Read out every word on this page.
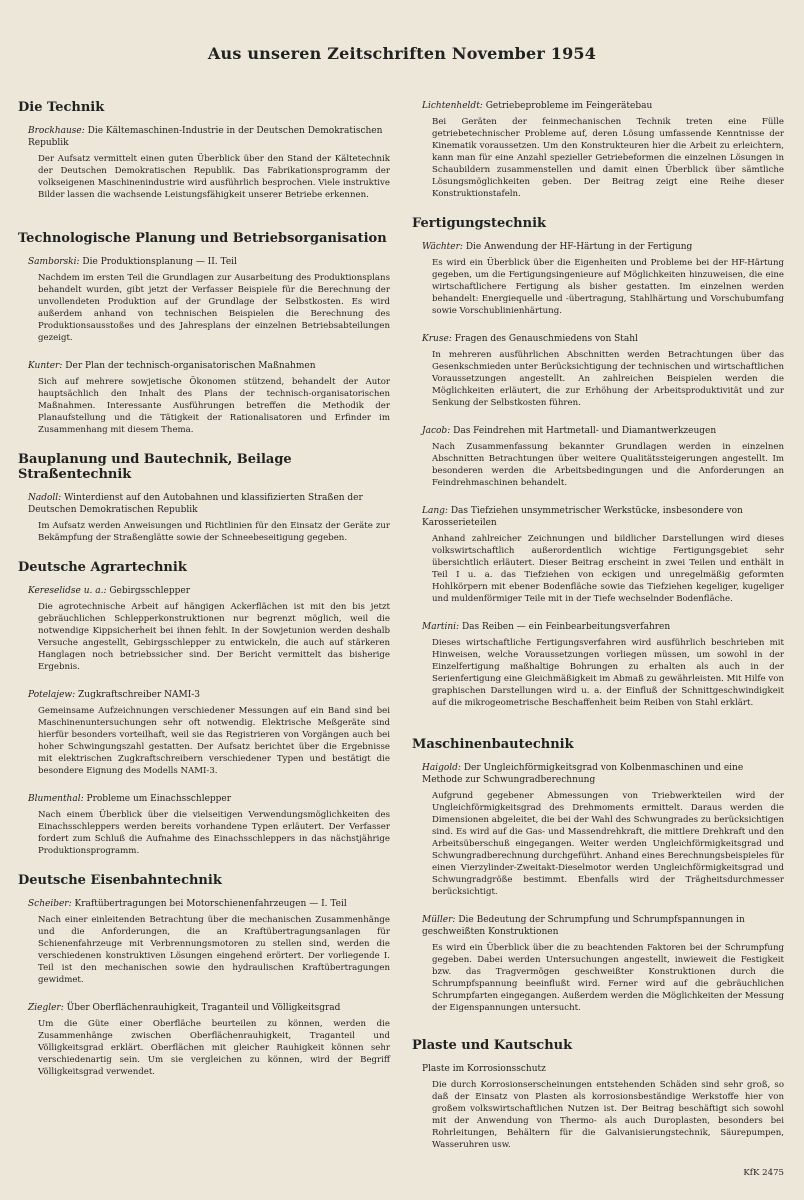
Aus unseren Zeitschriften November 1954
Die Technik
Brockhause: Die Kältemaschinen-Industrie in der Deutschen Demokratischen Republik
Der Aufsatz vermittelt einen guten Überblick über den Stand der Kältetechnik der Deutschen Demokratischen Republik. Das Fabrikationsprogramm der volkseigenen Maschinenindustrie wird ausführlich besprochen. Viele instruktive Bilder lassen die wachsende Leistungsfähigkeit unserer Betriebe erkennen.
Technologische Planung und Betriebsorganisation
Samborski: Die Produktionsplanung — II. Teil
Nachdem im ersten Teil die Grundlagen zur Ausarbeitung des Produktionsplans behandelt wurden, gibt jetzt der Verfasser Beispiele für die Berechnung der unvollendeten Produktion auf der Grundlage der Selbstkosten. Es wird außerdem anhand von technischen Beispielen die Berechnung des Produktionsausstoßes und des Jahresplans der einzelnen Betriebsabteilungen gezeigt.
Kunter: Der Plan der technisch-organisatorischen Maßnahmen
Sich auf mehrere sowjetische Ökonomen stützend, behandelt der Autor hauptsächlich den Inhalt des Plans der technisch-organisatorischen Maßnahmen. Interessante Ausführungen betreffen die Methodik der Planaufstellung und die Tätigkeit der Rationalisatoren und Erfinder im Zusammenhang mit diesem Thema.
Bauplanung und Bautechnik, Beilage Straßentechnik
Nadoll: Winterdienst auf den Autobahnen und klassifizierten Straßen der Deutschen Demokratischen Republik
Im Aufsatz werden Anweisungen und Richtlinien für den Einsatz der Geräte zur Bekämpfung der Straßenglätte sowie der Schneebeseitigung gegeben.
Deutsche Agrartechnik
Kereselidse u. a.: Gebirgsschlepper
Die agrotechnische Arbeit auf hängigen Ackerflächen ist mit den bis jetzt gebräuchlichen Schlepperkonstruktionen nur begrenzt möglich, weil die notwendige Kippsicherheit bei ihnen fehlt. In der Sowjetunion werden deshalb Versuche angestellt, Gebirgsschlepper zu entwickeln, die auch auf stärkeren Hanglagen noch betriebssicher sind. Der Bericht vermittelt das bisherige Ergebnis.
Potelajew: Zugkraftschreiber NAMI-3
Gemeinsame Aufzeichnungen verschiedener Messungen auf ein Band sind bei Maschinenuntersuchungen sehr oft notwendig. Elektrische Meßgeräte sind hierfür besonders vorteilhaft, weil sie das Registrieren von Vorgängen auch bei hoher Schwingungszahl gestatten. Der Aufsatz berichtet über die Ergebnisse mit elektrischen Zugkraftschreibern verschiedener Typen und bestätigt die besondere Eignung des Modells NAMI-3.
Blumenthal: Probleme um Einachsschlepper
Nach einem Überblick über die vielseitigen Verwendungsmöglichkeiten des Einachsschleppers werden bereits vorhandene Typen erläutert. Der Verfasser fordert zum Schluß die Aufnahme des Einachsschleppers in das nächstjährige Produktionsprogramm.
Deutsche Eisenbahntechnik
Scheiber: Kraftübertragungen bei Motorschienenfahrzeugen — I. Teil
Nach einer einleitenden Betrachtung über die mechanischen Zusammenhänge und die Anforderungen, die an Kraftübertragungsanlagen für Schienenfahrzeuge mit Verbrennungsmotoren zu stellen sind, werden die verschiedenen konstruktiven Lösungen eingehend erörtert. Der vorliegende I. Teil ist den mechanischen sowie den hydraulischen Kraftübertragungen gewidmet.
Ziegler: Über Oberflächenrauhigkeit, Traganteil und Völligkeitsgrad
Um die Güte einer Oberfläche beurteilen zu können, werden die Zusammenhänge zwischen Oberflächenrauhigkeit, Traganteil und Völligkeitsgrad erklärt. Oberflächen mit gleicher Rauhigkeit können sehr verschiedenartig sein. Um sie vergleichen zu können, wird der Begriff Völligkeitsgrad verwendet.
Lichtenheldt: Getriebeprobleme im Feingerätebau
Bei Geräten der feinmechanischen Technik treten eine Fülle getriebetechnischer Probleme auf, deren Lösung umfassende Kenntnisse der Kinematik voraussetzen. Um den Konstrukteuren hier die Arbeit zu erleichtern, kann man für eine Anzahl spezieller Getriebeformen die einzelnen Lösungen in Schaubildern zusammenstellen und damit einen Überblick über sämtliche Lösungsmöglichkeiten geben. Der Beitrag zeigt eine Reihe dieser Konstruktionstafeln.
Fertigungstechnik
Wächter: Die Anwendung der HF-Härtung in der Fertigung
Es wird ein Überblick über die Eigenheiten und Probleme bei der HF-Härtung gegeben, um die Fertigungsingenieure auf Möglichkeiten hinzuweisen, die eine wirtschaftlichere Fertigung als bisher gestatten. Im einzelnen werden behandelt: Energiequelle und -übertragung, Stahlhärtung und Vorschubumfang sowie Vorschublinienhärtung.
Kruse: Fragen des Genauschmiedens von Stahl
In mehreren ausführlichen Abschnitten werden Betrachtungen über das Gesenkschmieden unter Berücksichtigung der technischen und wirtschaftlichen Voraussetzungen angestellt. An zahlreichen Beispielen werden die Möglichkeiten erläutert, die zur Erhöhung der Arbeitsproduktivität und zur Senkung der Selbstkosten führen.
Jacob: Das Feindrehen mit Hartmetall- und Diamantwerkzeugen
Nach Zusammenfassung bekannter Grundlagen werden in einzelnen Abschnitten Betrachtungen über weitere Qualitätssteigerungen angestellt. Im besonderen werden die Arbeitsbedingungen und die Anforderungen an Feindrehmaschinen behandelt.
Lang: Das Tiefziehen unsymmetrischer Werkstücke, insbesondere von Karosserieteilen
Anhand zahlreicher Zeichnungen und bildlicher Darstellungen wird dieses volkswirtschaftlich außerordentlich wichtige Fertigungsgebiet sehr übersichtlich erläutert. Dieser Beitrag erscheint in zwei Teilen und enthält in Teil I u. a. das Tiefziehen von eckigen und unregelmäßig geformten Hohlkörpern mit ebener Bodenfläche sowie das Tiefziehen kegeliger, kugeliger und muldenförmiger Teile mit in der Tiefe wechselnder Bodenfläche.
Martini: Das Reiben — ein Feinbearbeitungsverfahren
Dieses wirtschaftliche Fertigungsverfahren wird ausführlich beschrieben mit Hinweisen, welche Voraussetzungen vorliegen müssen, um sowohl in der Einzelfertigung maßhaltige Bohrungen zu erhalten als auch in der Serienfertigung eine Gleichmäßigkeit im Abmaß zu gewährleisten. Mit Hilfe von graphischen Darstellungen wird u. a. der Einfluß der Schnittgeschwindigkeit auf die mikrogeometrische Beschaffenheit beim Reiben von Stahl erklärt.
Maschinenbautechnik
Haigold: Der Ungleichförmigkeitsgrad von Kolbenmaschinen und eine Methode zur Schwungradberechnung
Aufgrund gegebener Abmessungen von Triebwerkteilen wird der Ungleichförmigkeitsgrad des Drehmoments ermittelt. Daraus werden die Dimensionen abgeleitet, die bei der Wahl des Schwungrades zu berücksichtigen sind. Es wird auf die Gas- und Massendrehkraft, die mittlere Drehkraft und den Arbeitsüberschuß eingegangen. Weiter werden Ungleichförmigkeitsgrad und Schwungradberechnung durchgeführt. Anhand eines Berechnungsbeispieles für einen Vierzylinder-Zweitakt-Dieselmotor werden Ungleichförmigkeitsgrad und Schwungradgröße bestimmt. Ebenfalls wird der Trägheitsdurchmesser berücksichtigt.
Müller: Die Bedeutung der Schrumpfung und Schrumpfspannungen in geschweißten Konstruktionen
Es wird ein Überblick über die zu beachtenden Faktoren bei der Schrumpfung gegeben. Dabei werden Untersuchungen angestellt, inwieweit die Festigkeit bzw. das Tragvermögen geschweißter Konstruktionen durch die Schrumpfspannung beeinflußt wird. Ferner wird auf die gebräuchlichen Schrumpfarten eingegangen. Außerdem werden die Möglichkeiten der Messung der Eigenspannungen untersucht.
Plaste und Kautschuk
Plaste im Korrosionsschutz
Die durch Korrosionserscheinungen entstehenden Schäden sind sehr groß, so daß der Einsatz von Plasten als korrosionsbeständige Werkstoffe hier von großem volkswirtschaftlichen Nutzen ist. Der Beitrag beschäftigt sich sowohl mit der Anwendung von Thermo- als auch Duroplasten, besonders bei Rohrleitungen, Behältern für die Galvanisierungstechnik, Säurepumpen, Wasseruhren usw.
KfK 2475
